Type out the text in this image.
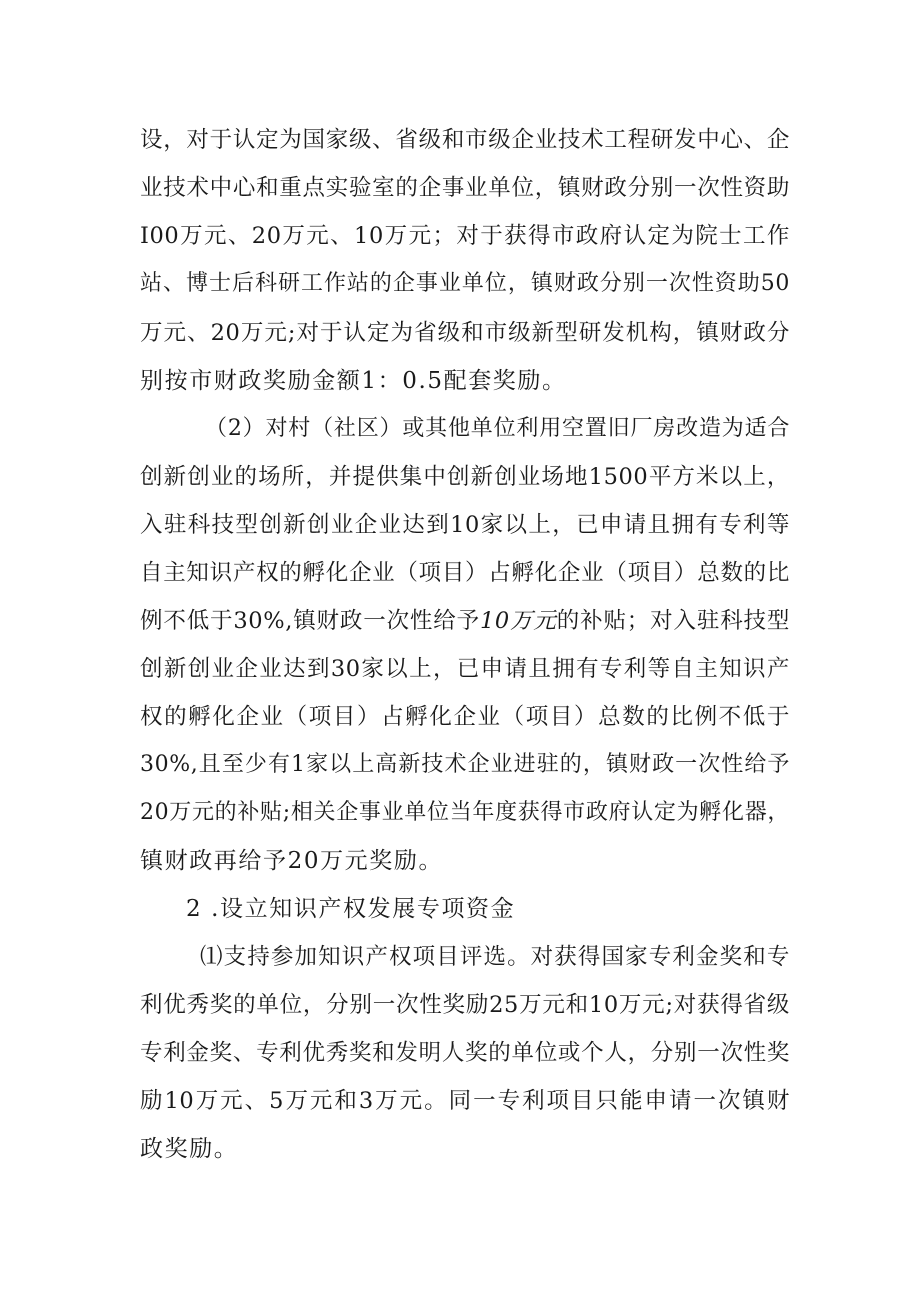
设，对于认定为国家级、省级和市级企业技术工程研发中心、企
业技术中心和重点实验室的企事业单位，镇财政分别一次性资助
I00万元、20万元、10万元；对于获得市政府认定为院士工作
站、博士后科研工作站的企事业单位，镇财政分别一次性资助50
万元、20万元;对于认定为省级和市级新型研发机构，镇财政分
别按市财政奖励金额1：0.5配套奖励。
（2）对村（社区）或其他单位利用空置旧厂房改造为适合
创新创业的场所，并提供集中创新创业场地1500平方米以上，
入驻科技型创新创业企业达到10家以上，已申请且拥有专利等
自主知识产权的孵化企业（项目）占孵化企业（项目）总数的比
例不低于30%,镇财政一次性给予10万元的补贴；对入驻科技型
创新创业企业达到30家以上，已申请且拥有专利等自主知识产
权的孵化企业（项目）占孵化企业（项目）总数的比例不低于
30%,且至少有1家以上高新技术企业进驻的，镇财政一次性给予
20万元的补贴;相关企事业单位当年度获得市政府认定为孵化器，
镇财政再给予20万元奖励。
2 .设立知识产权发展专项资金
⑴支持参加知识产权项目评选。对获得国家专利金奖和专
利优秀奖的单位，分别一次性奖励25万元和10万元;对获得省级
专利金奖、专利优秀奖和发明人奖的单位或个人，分别一次性奖
励10万元、5万元和3万元。同一专利项目只能申请一次镇财
政奖励。
